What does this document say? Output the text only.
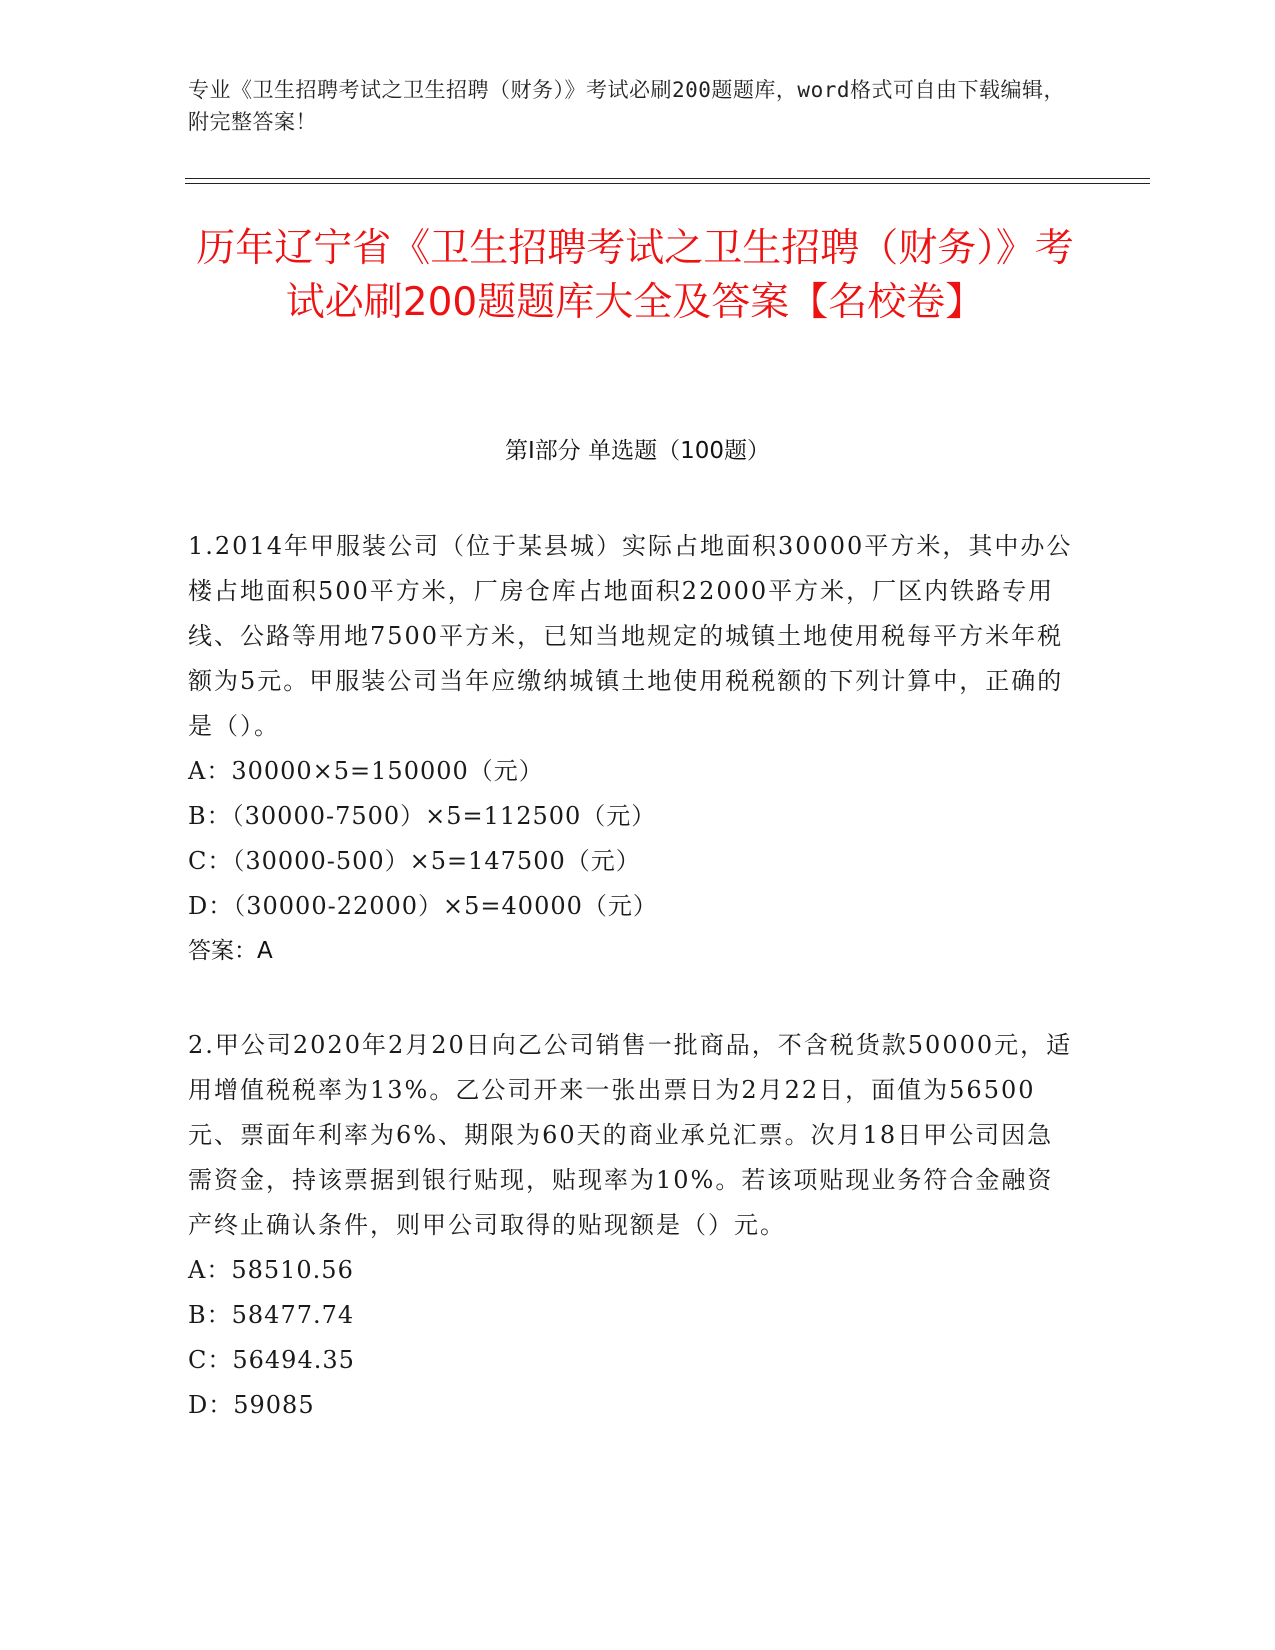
专业《卫生招聘考试之卫生招聘（财务）》考试必刷200题题库，word格式可自由下载编辑，附完整答案！

历年辽宁省《卫生招聘考试之卫生招聘（财务）》考试必刷200题题库大全及答案【名校卷】
第I部分 单选题（100题）

1.2014年甲服装公司（位于某县城）实际占地面积30000平方米，其中办公楼占地面积500平方米，厂房仓库占地面积22000平方米，厂区内铁路专用线、公路等用地7500平方米，已知当地规定的城镇土地使用税每平方米年税额为5元。甲服装公司当年应缴纳城镇土地使用税税额的下列计算中，正确的是（）。

A：30000×5=150000（元）
B：（30000-7500）×5=112500（元）
C：（30000-500）×5=147500（元）
D：（30000-22000）×5=40000（元）

答案：A

2.甲公司2020年2月20日向乙公司销售一批商品，不含税货款50000元，适用增值税税率为13%。乙公司开来一张出票日为2月22日，面值为56500元、票面年利率为6%、期限为60天的商业承兑汇票。次月18日甲公司因急需资金，持该票据到银行贴现，贴现率为10%。若该项贴现业务符合金融资产终止确认条件，则甲公司取得的贴现额是（）元。

A：58510.56
B：58477.74
C：56494.35
D：59085
